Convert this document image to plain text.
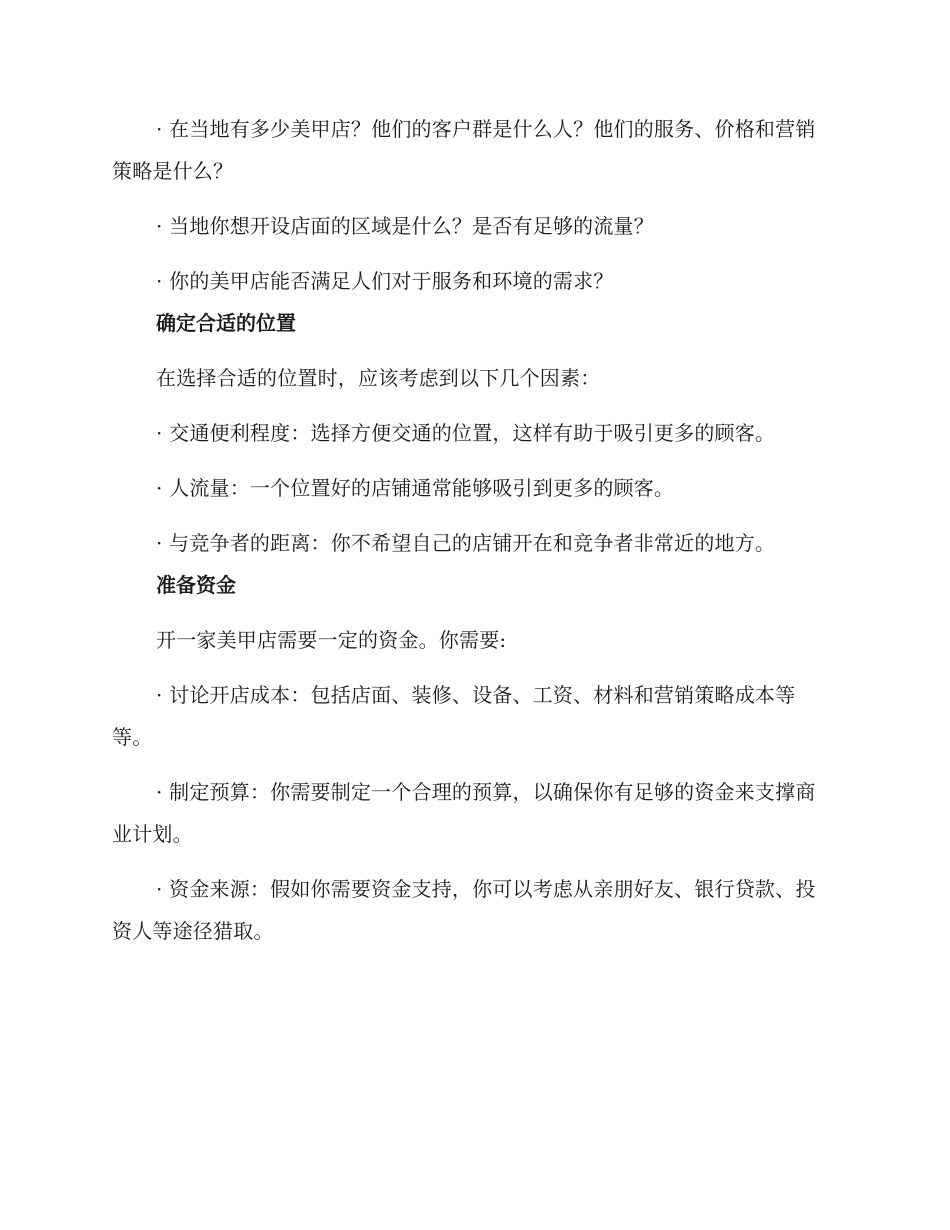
· 在当地有多少美甲店？他们的客户群是什么人？他们的服务、价格和营销策略是什么？

· 当地你想开设店面的区域是什么？是否有足够的流量？

· 你的美甲店能否满足人们对于服务和环境的需求？

确定合适的位置

在选择合适的位置时，应该考虑到以下几个因素：

· 交通便利程度：选择方便交通的位置，这样有助于吸引更多的顾客。

· 人流量：一个位置好的店铺通常能够吸引到更多的顾客。

· 与竞争者的距离：你不希望自己的店铺开在和竞争者非常近的地方。

准备资金

开一家美甲店需要一定的资金。你需要:

· 讨论开店成本：包括店面、装修、设备、工资、材料和营销策略成本等等。

· 制定预算：你需要制定一个合理的预算，以确保你有足够的资金来支撑商业计划。

· 资金来源：假如你需要资金支持，你可以考虑从亲朋好友、银行贷款、投资人等途径猎取。
